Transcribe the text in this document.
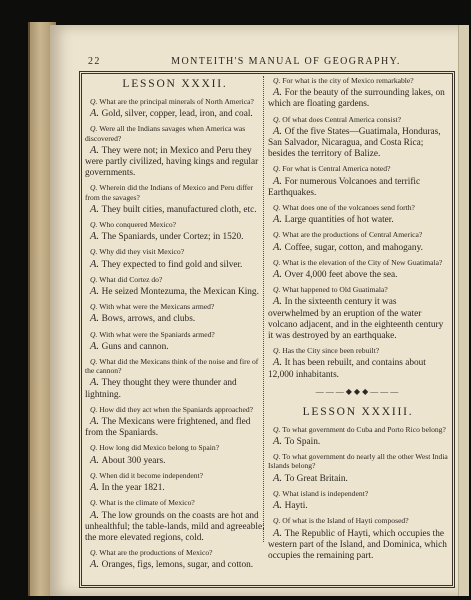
22	MONTEITH'S MANUAL OF GEOGRAPHY.
LESSON XXXII.

Q. What are the principal minerals of North America?

A. Gold, silver, copper, lead, iron, and coal.

Q. Were all the Indians savages when America was discovered?

A. They were not; in Mexico and Peru they were partly civilized, having kings and regular governments.

Q. Wherein did the Indians of Mexico and Peru differ from the savages?

A. They built cities, manufactured cloth, etc.

Q. Who conquered Mexico?

A. The Spaniards, under Cortez; in 1520.

Q. Why did they visit Mexico?

A. They expected to find gold and silver.

Q. What did Cortez do?

A. He seized Montezuma, the Mexican King.

Q. With what were the Mexicans armed?

A. Bows, arrows, and clubs.

Q. With what were the Spaniards armed?

A. Guns and cannon.

Q. What did the Mexicans think of the noise and fire of the cannon?

A. They thought they were thunder and lightning.

Q. How did they act when the Spaniards approached?

A. The Mexicans were frightened, and fled from the Spaniards.

Q. How long did Mexico belong to Spain?

A. About 300 years.

Q. When did it become independent?

A. In the year 1821.

Q. What is the climate of Mexico?

A. The low grounds on the coasts are hot and unhealthful; the table-lands, mild and agreeable; the more elevated regions, cold.

Q. What are the productions of Mexico?

A. Oranges, figs, lemons, sugar, and cotton.

Q. For what is the city of Mexico remarkable?

A. For the beauty of the surrounding lakes, on which are floating gardens.

Q. Of what does Central America consist?

A. Of the five States—Guatimala, Honduras, San Salvador, Nicaragua, and Costa Rica; besides the territory of Balize.

Q. For what is Central America noted?

A. For numerous Volcanoes and terrific Earthquakes.

Q. What does one of the volcanoes send forth?

A. Large quantities of hot water.

Q. What are the productions of Central America?

A. Coffee, sugar, cotton, and mahogany.

Q. What is the elevation of the City of New Guatimala?

A. Over 4,000 feet above the sea.

Q. What happened to Old Guatimala?

A. In the sixteenth century it was overwhelmed by an eruption of the water volcano adjacent, and in the eighteenth century it was destroyed by an earthquake.

Q. Has the City since been rebuilt?

A. It has been rebuilt, and contains about 12,000 inhabitants.

———◆◆◆———
LESSON XXXIII.

Q. To what government do Cuba and Porto Rico belong?

A. To Spain.

Q. To what government do nearly all the other West India Islands belong?

A. To Great Britain.

Q. What island is independent?

A. Hayti.

Q. Of what is the Island of Hayti composed?

A. The Republic of Hayti, which occupies the western part of the Island, and Dominica, which occupies the remaining part.
